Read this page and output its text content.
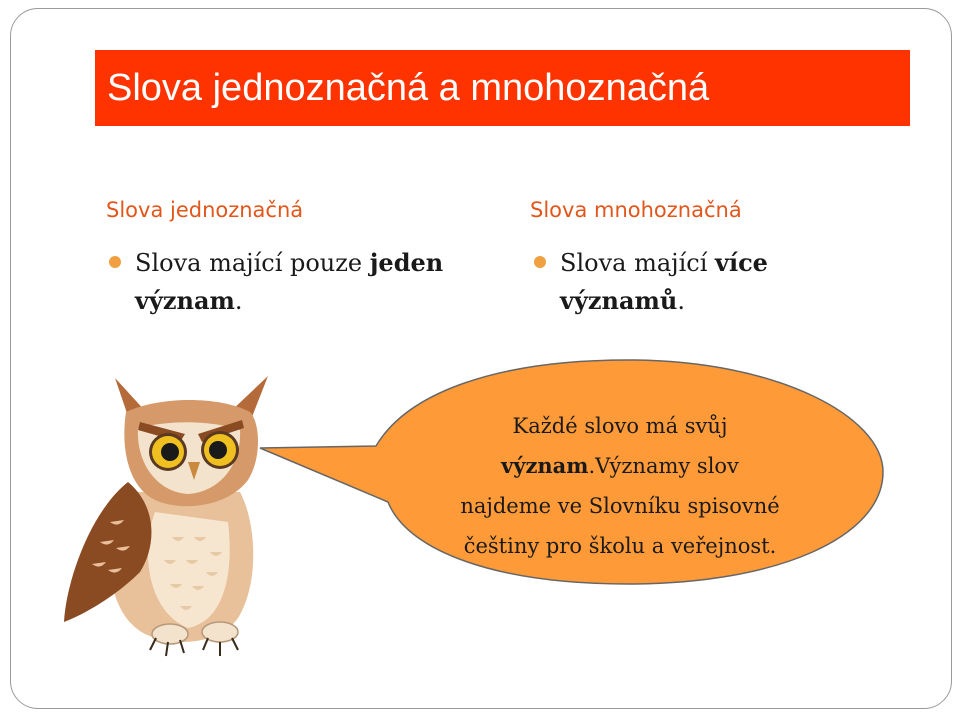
Slova jednoznačná a mnohoznačná
Slova jednoznačná	Slova mnohoznačná
Slova mající pouze jeden
význam.
Slova mající více
významů.
Každé slovo má svůj
význam.Významy slov
najdeme ve Slovníku spisovné
češtiny pro školu a veřejnost.
